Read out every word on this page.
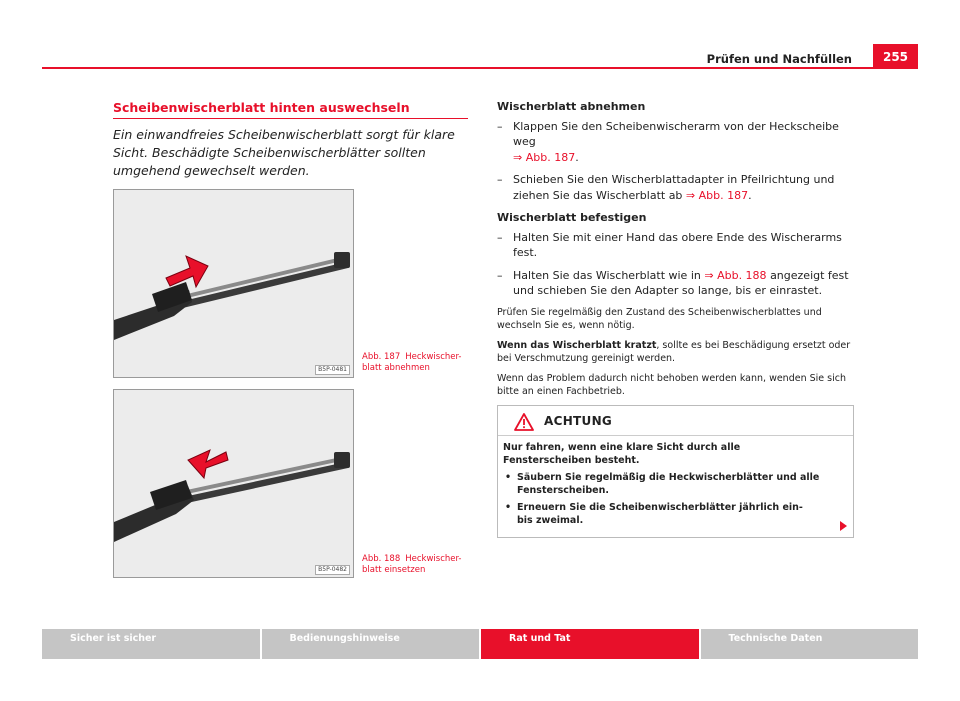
Prüfen und Nachfüllen	255
Scheibenwischerblatt hinten auswechseln
Ein einwandfreies Scheibenwischerblatt sorgt für klare Sicht. Beschädigte Scheibenwischerblätter sollten umgehend gewechselt werden.
B5P-0481
Abb. 187 Heckwischer-blatt abnehmen
B5P-0482
Abb. 188 Heckwischer-blatt einsetzen
Wischerblatt abnehmen
– Klappen Sie den Scheibenwischerarm von der Heckscheibe weg
⇒ Abb. 187.
– Schieben Sie den Wischerblattadapter in Pfeilrichtung und ziehen Sie das Wischerblatt ab ⇒ Abb. 187.
Wischerblatt befestigen
– Halten Sie mit einer Hand das obere Ende des Wischerarms fest.
– Halten Sie das Wischerblatt wie in ⇒ Abb. 188 angezeigt fest und schieben Sie den Adapter so lange, bis er einrastet.

Prüfen Sie regelmäßig den Zustand des Scheibenwischerblattes und wechseln Sie es, wenn nötig.

Wenn das Wischerblatt kratzt, sollte es bei Beschädigung ersetzt oder bei Verschmutzung gereinigt werden.

Wenn das Problem dadurch nicht behoben werden kann, wenden Sie sich bitte an einen Fachbetrieb.

ACHTUNG

Nur fahren, wenn eine klare Sicht durch alle Fensterscheiben besteht.

• Säubern Sie regelmäßig die Heckwischerblätter und alle Fensterscheiben.

• Erneuern Sie die Scheibenwischerblätter jährlich ein- bis zweimal.

Sicher ist sicher	Bedienungshinweise	Rat und Tat	Technische Daten
